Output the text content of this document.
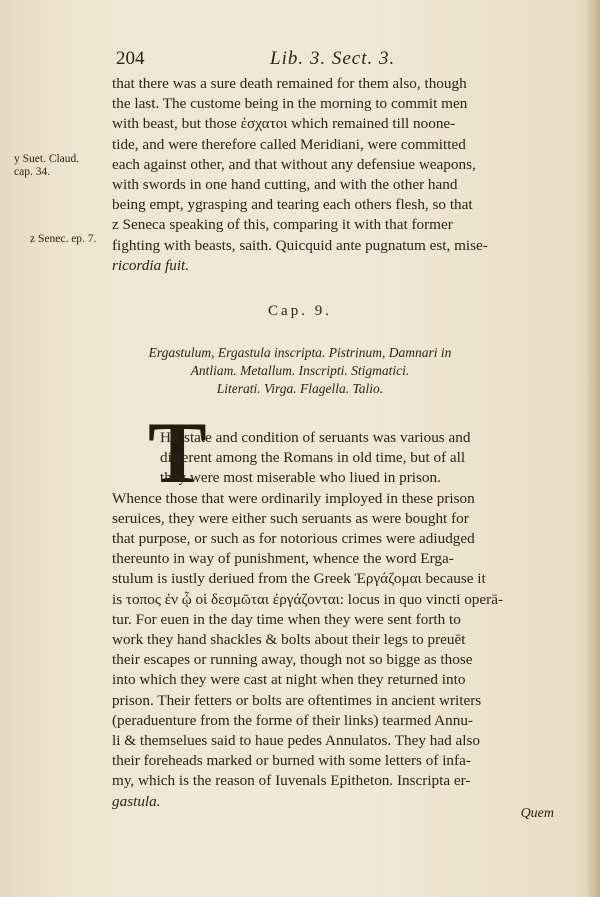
204	Lib. 3. Sect. 3.
y Suet. Claud.
cap. 34.
z Senec. ep. 7.

that there was a sure death remained for them also, though

the last. The custome being in the morning to commit men

with beast, but those ἐσχατοι which remained till noone-

tide, and were therefore called Meridiani, were committed

each against other, and that without any defensiue weapons,

with swords in one hand cutting, and with the other hand

being empt, ygrasping and tearing each others flesh, so that

z Seneca speaking of this, comparing it with that former

fighting with beasts, saith. Quicquid ante pugnatum est, mise-

ricordia fuit.

Cap. 9.

Ergastulum, Ergastula inscripta. Pistrinum, Damnari in

Antliam. Metallum. Inscripti. Stigmatici.

Literati. Virga. Flagella. Talio.

T

HE state and condition of seruants was various and

different among the Romans in old time, but of all

they were most miserable who liued in prison.

Whence those that were ordinarily imployed in these prison

seruices, they were either such seruants as were bought for

that purpose, or such as for notorious crimes were adiudged

thereunto in way of punishment, whence the word Erga-

stulum is iustly deriued from the Greek Ἐργάζομαι because it

is τοπος ἐν ᾧ οἱ δεσμῶται ἐργάζονται: locus in quo vincti operā-

tur. For euen in the day time when they were sent forth to

work they hand shackles & bolts about their legs to preuēt

their escapes or running away, though not so bigge as those

into which they were cast at night when they returned into

prison. Their fetters or bolts are oftentimes in ancient writers

(peraduenture from the forme of their links) tearmed Annu-

li & themselues said to haue pedes Annulatos. They had also

their foreheads marked or burned with some letters of infa-

my, which is the reason of Iuvenals Epitheton. Inscripta er-

gastula.

Quem
